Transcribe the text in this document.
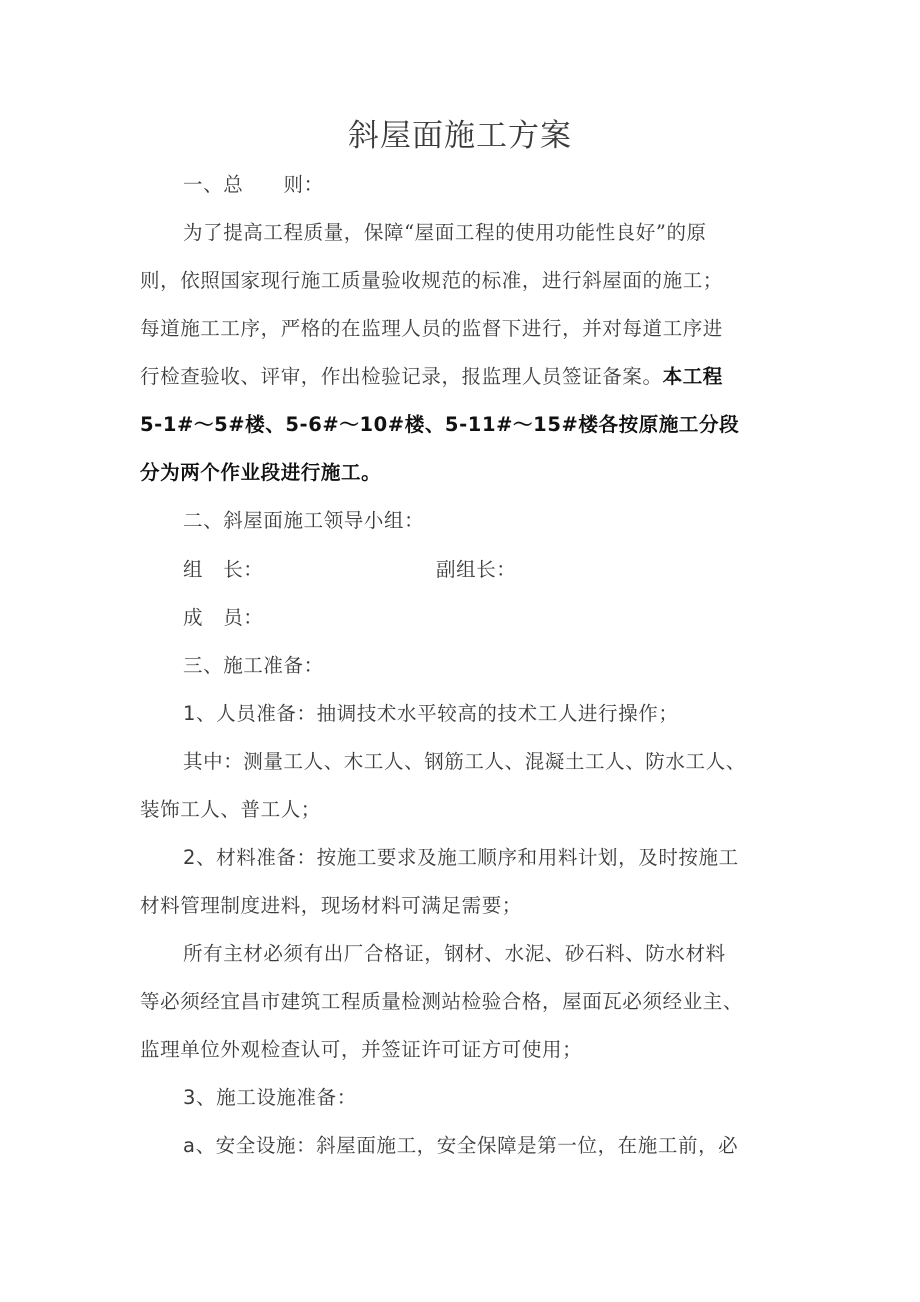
斜屋面施工方案
一、总　　则：
为了提高工程质量，保障“屋面工程的使用功能性良好”的原
则，依照国家现行施工质量验收规范的标准，进行斜屋面的施工；
每道施工工序，严格的在监理人员的监督下进行，并对每道工序进
行检查验收、评审，作出检验记录，报监理人员签证备案。本工程
5-1#～5#楼、5-6#～10#楼、5-11#～15#楼各按原施工分段
分为两个作业段进行施工。
二、斜屋面施工领导小组：
组　长：	副组长：
成　员：
三、施工准备：
1、人员准备：抽调技术水平较高的技术工人进行操作；
其中：测量工人、木工人、钢筋工人、混凝土工人、防水工人、
装饰工人、普工人；
2、材料准备：按施工要求及施工顺序和用料计划，及时按施工
材料管理制度进料，现场材料可满足需要；
所有主材必须有出厂合格证，钢材、水泥、砂石料、防水材料
等必须经宜昌市建筑工程质量检测站检验合格，屋面瓦必须经业主、
监理单位外观检查认可，并签证许可证方可使用；
3、施工设施准备：
a、安全设施：斜屋面施工，安全保障是第一位，在施工前，必
